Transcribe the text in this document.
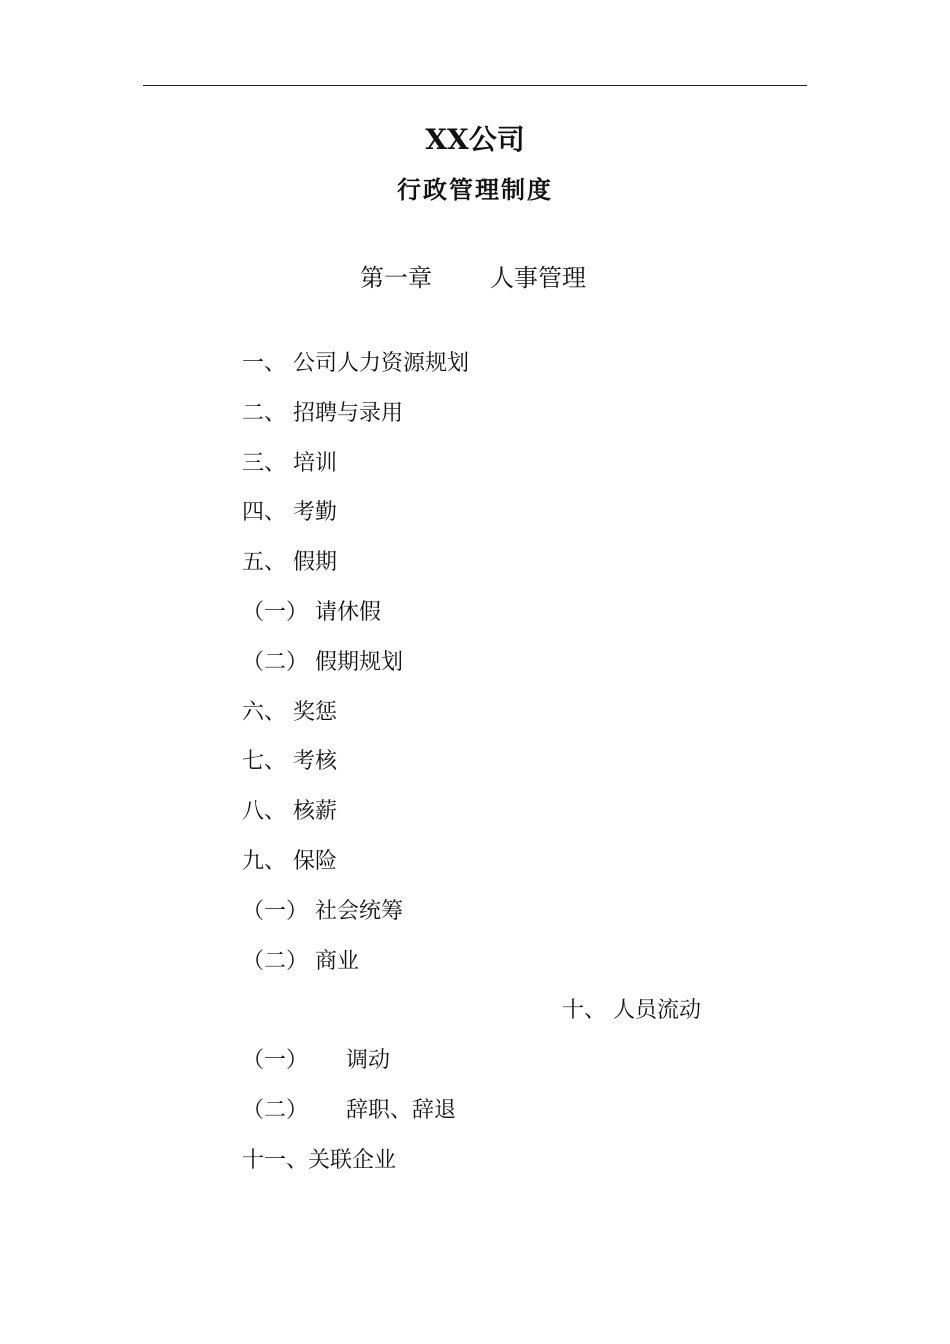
XX公司
行政管理制度
第一章 人事管理
一、 公司人力资源规划
二、 招聘与录用
三、 培训
四、 考勤
五、 假期
（一） 请休假
（二） 假期规划
六、 奖惩
七、 考核
八、 核薪
九、 保险
（一） 社会统筹
（二） 商业
十、 人员流动
（一） 调动
（二） 辞职、辞退
十一、关联企业
